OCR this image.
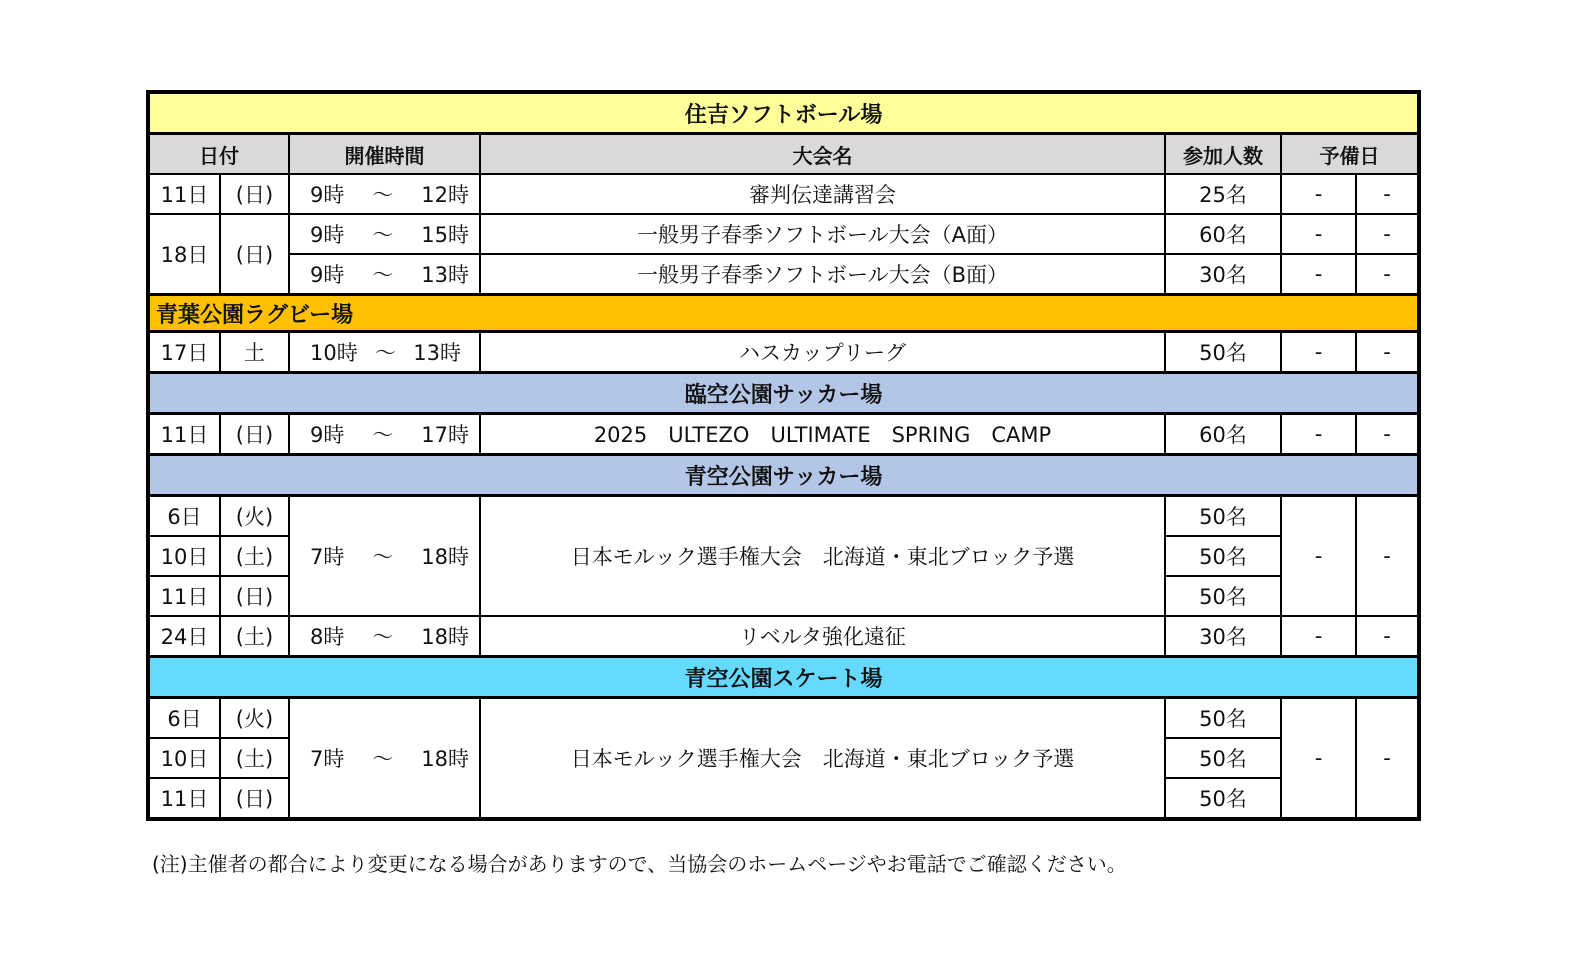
住吉ソフトボール場						
日付		開催時間	大会名	参加人数	予備日	
11日	(日)	9時 ～ 12時	審判伝達講習会	25名	-	-
18日	(日)	9時 ～ 15時	一般男子春季ソフトボール大会（A面）	60名	-	-

		9時 ～ 13時	一般男子春季ソフトボール大会（B面）	30名	-	-
青葉公園ラグビー場						
17日	土	10時 ～ 13時	ハスカップリーグ	50名	-	-
臨空公園サッカー場						
11日	(日)	9時 ～ 17時	2025　ULTEZO　ULTIMATE　SPRING　CAMP	60名	-	-
青空公園サッカー場						
6日	(火)	7時 ～ 18時	日本モルック選手権大会　北海道・東北ブロック予選	50名	-	-
10日	(土)			50名		
11日	(日)			50名		
24日	(土)	8時 ～ 18時	リベルタ強化遠征	30名	-	-
青空公園スケート場						
6日	(火)	7時 ～ 18時	日本モルック選手権大会　北海道・東北ブロック予選	50名	-	-
10日	(土)			50名		
11日	(日)			50名		
(注)主催者の都合により変更になる場合がありますので、当協会のホームページやお電話でご確認ください。
